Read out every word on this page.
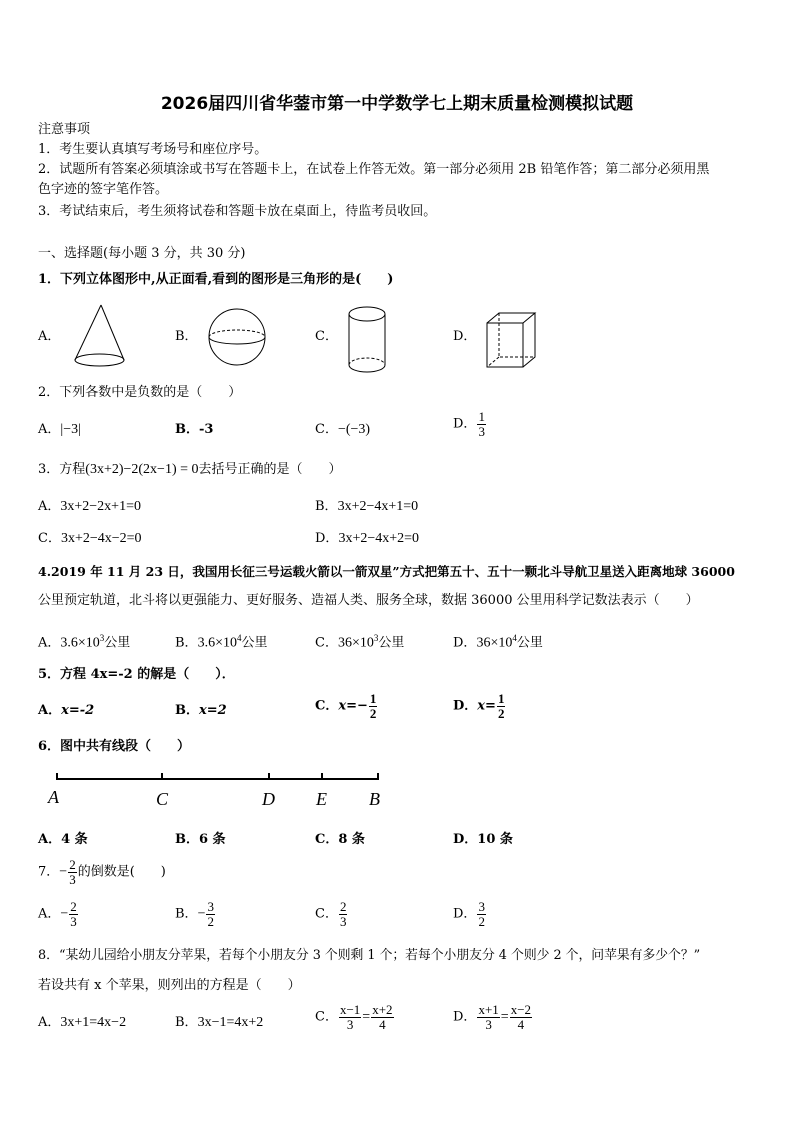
2026届四川省华蓥市第一中学数学七上期末质量检测模拟试题
注意事项
1．考生要认真填写考场号和座位序号。
2．试题所有答案必须填涂或书写在答题卡上，在试卷上作答无效。第一部分必须用 2B 铅笔作答；第二部分必须用黑
色字迹的签字笔作答。
3．考试结束后，考生须将试卷和答题卡放在桌面上，待监考员收回。
一、选择题(每小题 3 分，共 30 分)
1．下列立体图形中,从正面看,看到的图形是三角形的是(　　)
A．	B．	C．	D．
2．下列各数中是负数的是（　　）
A．|−3|	B．-3	C．−(−3)	D． $\frac{1}{3}$
3．方程(3x+2)−2(2x−1) = 0去括号正确的是（　　）
A．3x+2−2x+1=0	B．3x+2−4x+1=0
C．3x+2−4x−2=0	D．3x+2−4x+2=0
4.2019 年 11 月 23 日，我国用长征三号运载火箭以一箭双星”方式把第五十、五十一颗北斗导航卫星送入距离地球 36000
公里预定轨道，北斗将以更强能力、更好服务、造福人类、服务全球，数据 36000 公里用科学记数法表示（　　）
A．$3.6\times 10^3$公里	B．$3.6\times 10^4$公里	C．$36\times 10^3$公里	D．$36\times 10^4$公里
5．方程 4x=-2 的解是（　　）．
A．x=-2	B．x=2	C．$x=- \frac{1}{2}$	D．$x= \frac{1}{2}$
6．图中共有线段（　　）
A	C	D E B
A．4 条	B．6 条	C．8 条	D．10 条
7．− $\frac{2}{3}$ 的倒数是(　　)
A．− $\frac{2}{3}$	B．− $\frac{3}{2}$	C． $\frac{2}{3}$	D． $\frac{3}{2}$
8．“某幼儿园给小朋友分苹果，若每个小朋友分 3 个则剩 1 个；若每个小朋友分 4 个则少 2 个，问苹果有多少个？”
若设共有 x 个苹果，则列出的方程是（　　）
A．3x+1=4x−2	B．3x−1=4x+2	C． $\frac{x-1}{3} = \frac{x+2}{4}$	D． $\frac{x+1}{3} = \frac{x-2}{4}$
